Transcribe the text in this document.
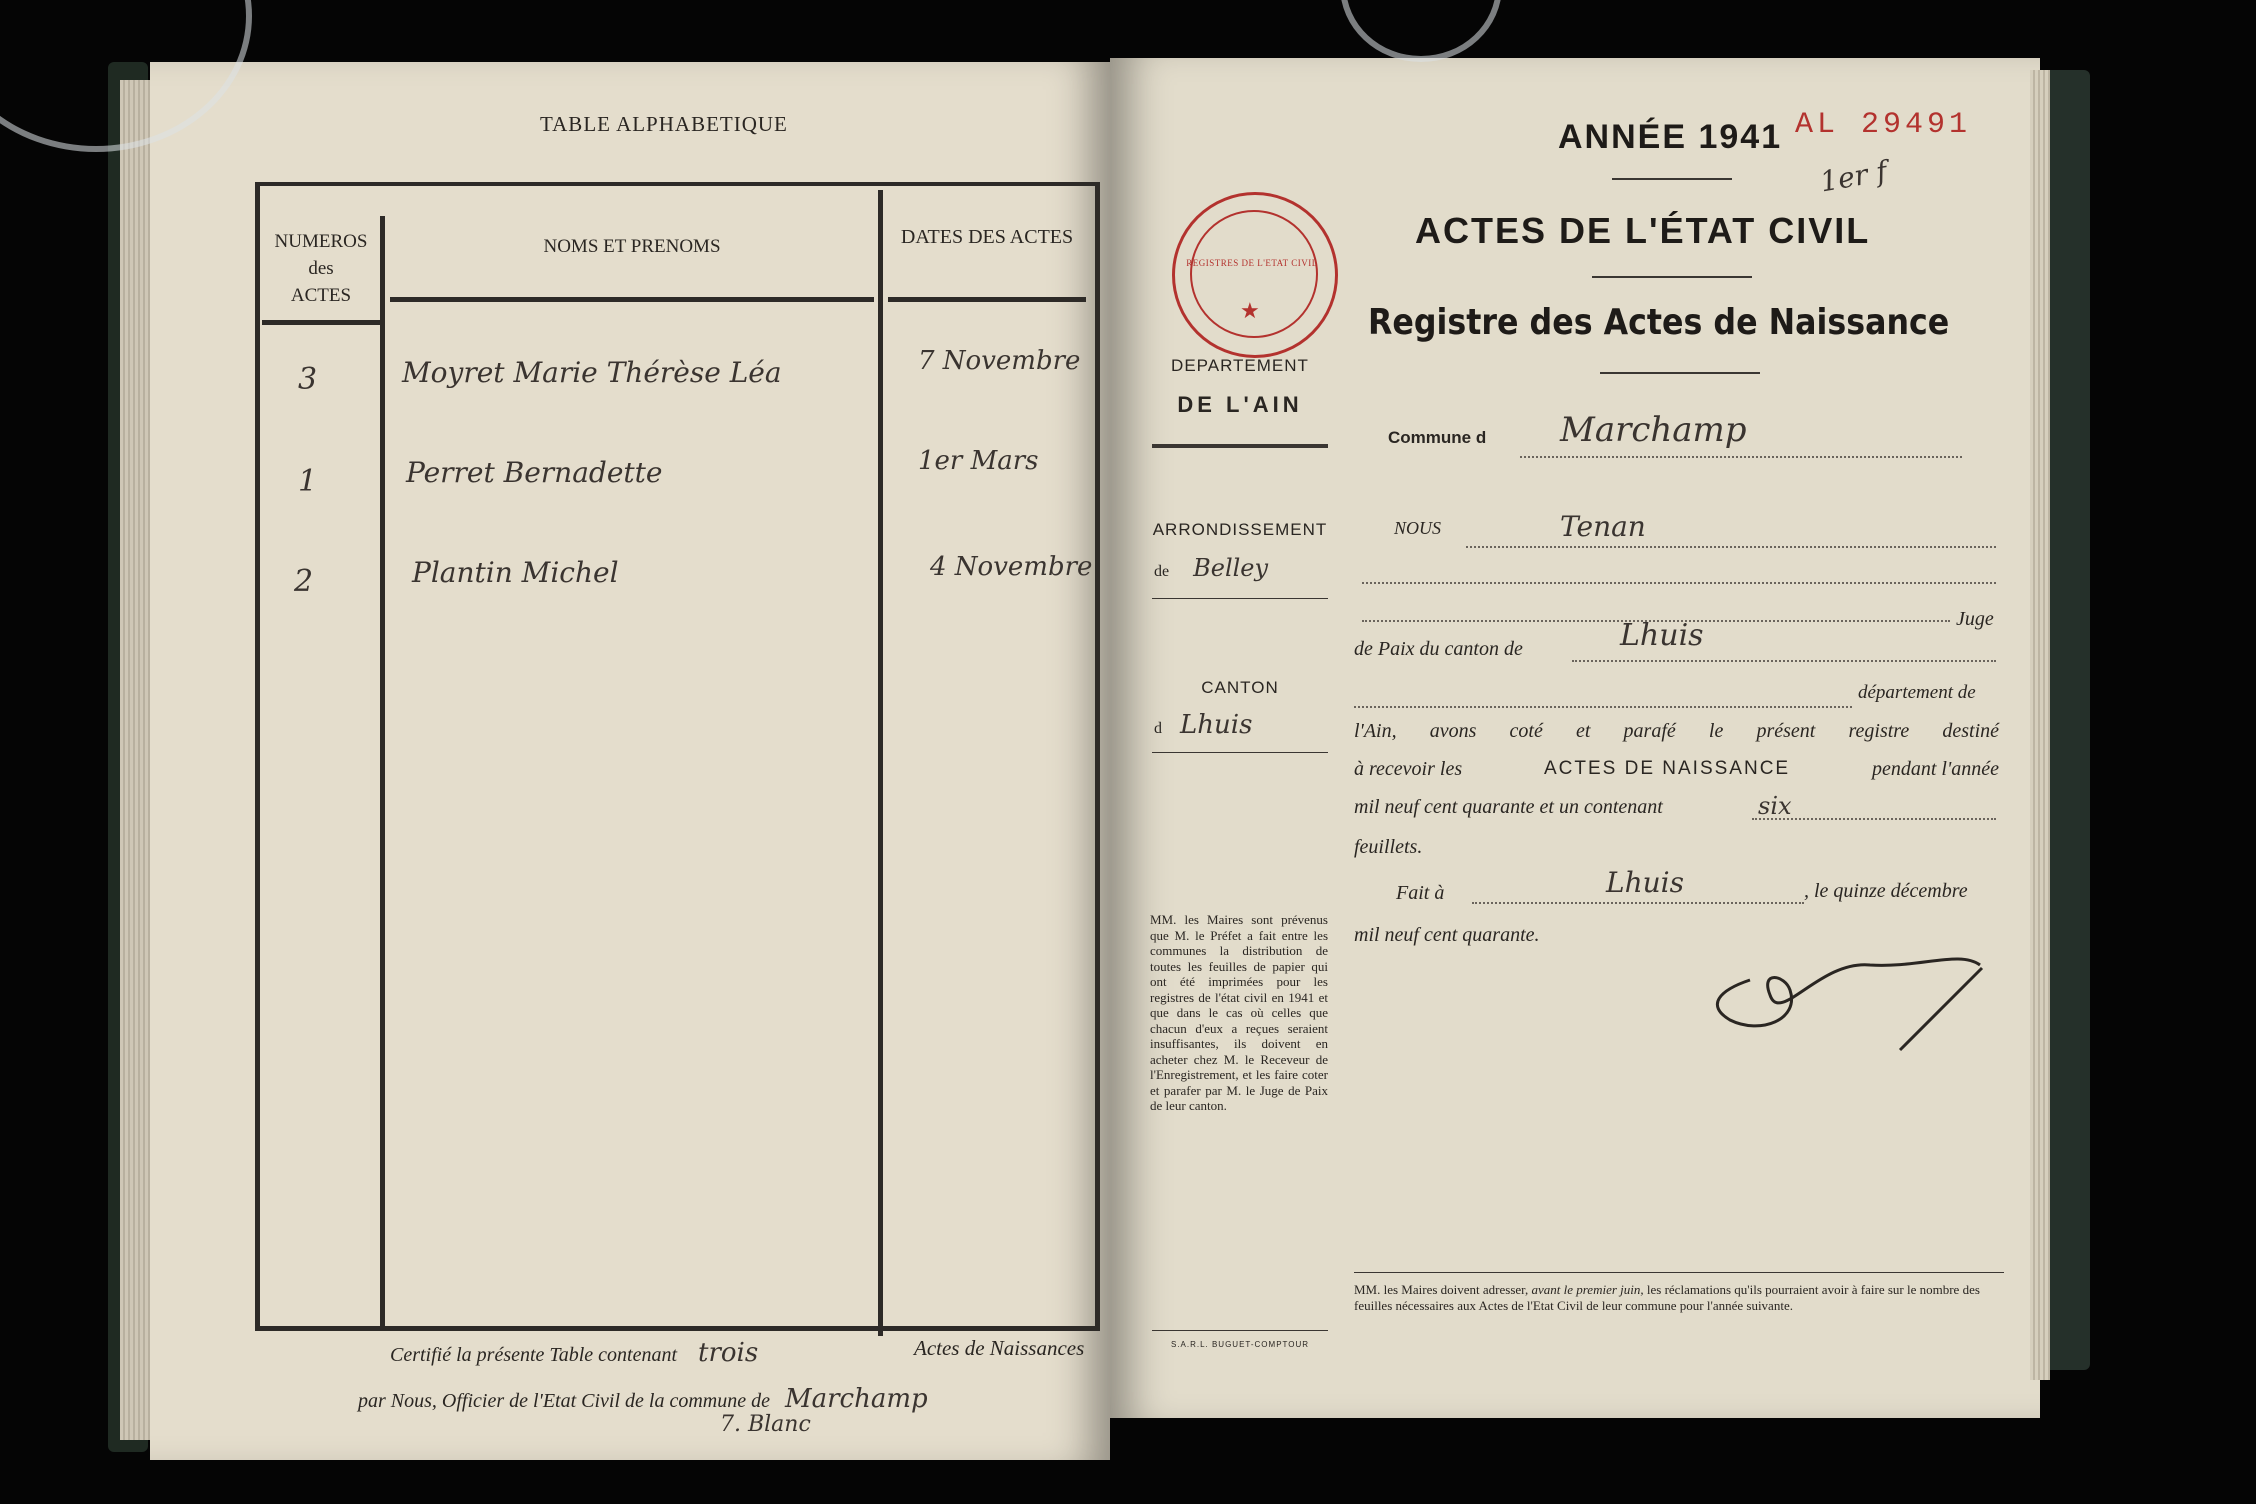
TABLE ALPHABETIQUE
NUMEROS
des
ACTES
NOMS ET PRENOMS	DATES DES ACTES
3	Moyret Marie Thérèse Léa	7 Novembre
1	Perret Bernadette	1er Mars
2	Plantin Michel	4 Novembre
Certifié la présente Table contenant trois	Actes de Naissances
par Nous, Officier de l'Etat Civil de la commune de Marchamp
7. Blanc
ANNÉE 1941 AL 29491
1er f
ACTES DE L'ÉTAT CIVIL
Registre des Actes de Naissance
REGISTRES DE L'ETAT CIVIL
★
DEPARTEMENT
DE L'AIN
ARRONDISSEMENT
de Belley
CANTON
d Lhuis
MM. les Maires sont prévenus que M. le Préfet a fait entre les communes la distribution de toutes les feuilles de papier qui ont été imprimées pour les registres de l'état civil en 1941 et que dans le cas où celles que chacun d'eux a reçues seraient insuffisantes, ils doivent en acheter chez M. le Receveur de l'Enregistrement, et les faire coter et parafer par M. le Juge de Paix de leur canton.
S.A.R.L. BUGUET-COMPTOUR
Commune d Marchamp
NOUS	Tenan
Juge
de Paix du canton de	Lhuis
département de
l'Ain, avons coté et parafé le présent registre destiné
à recevoir les	ACTES DE NAISSANCE	pendant l'année
mil neuf cent quarante et un contenant	six
feuillets.
Fait à	Lhuis	, le quinze décembre
mil neuf cent quarante.
MM. les Maires doivent adresser, avant le premier juin, les réclamations qu'ils pourraient avoir à faire sur le nombre des feuilles nécessaires aux Actes de l'Etat Civil de leur commune pour l'année suivante.
